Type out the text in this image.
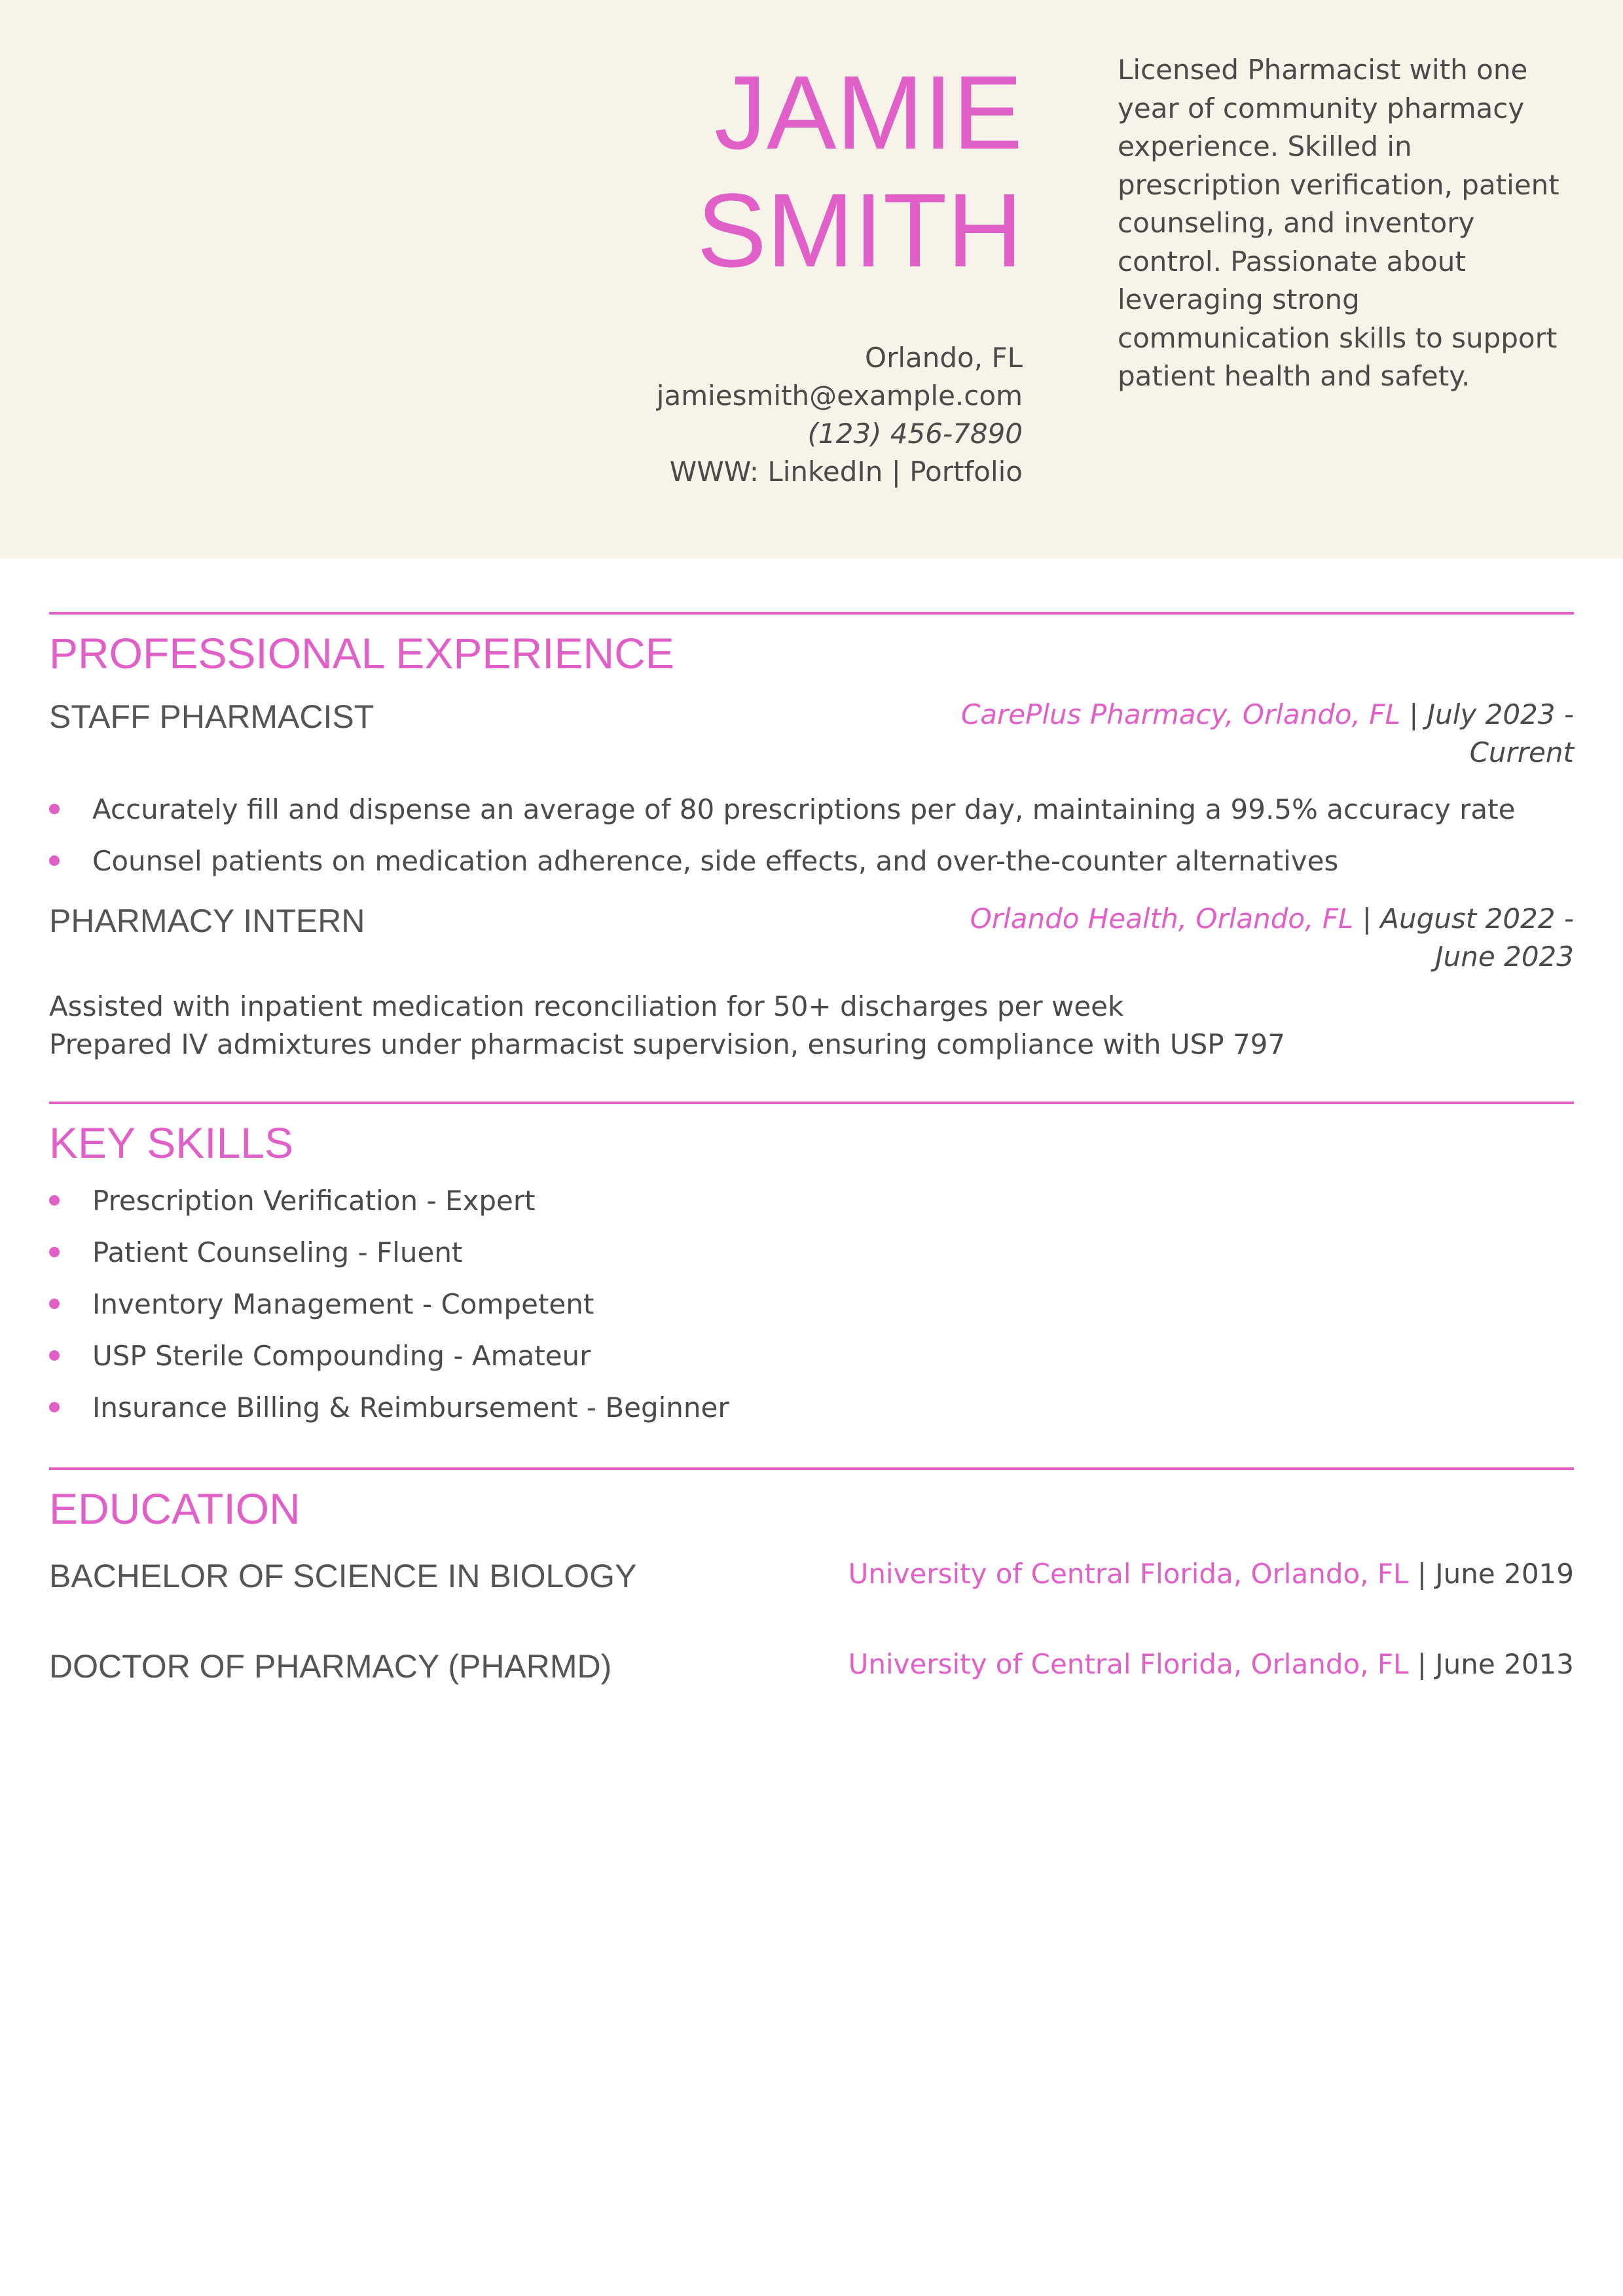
JAMIE
SMITH
Orlando, FL
jamiesmith@example.com
(123) 456-7890
WWW: LinkedIn | Portfolio
Licensed Pharmacist with one year of community pharmacy experience. Skilled in prescription verification, patient counseling, and inventory control. Passionate about leveraging strong communication skills to support patient health and safety.
PROFESSIONAL EXPERIENCE
STAFF PHARMACIST	CarePlus Pharmacy, Orlando, FL | July 2023 - Current
Accurately fill and dispense an average of 80 prescriptions per day, maintaining a 99.5% accuracy rate
Counsel patients on medication adherence, side effects, and over-the-counter alternatives
PHARMACY INTERN	Orlando Health, Orlando, FL | August 2022 - June 2023
Assisted with inpatient medication reconciliation for 50+ discharges per week
Prepared IV admixtures under pharmacist supervision, ensuring compliance with USP 797
KEY SKILLS
Prescription Verification - Expert
Patient Counseling - Fluent
Inventory Management - Competent
USP Sterile Compounding - Amateur
Insurance Billing & Reimbursement - Beginner
EDUCATION
BACHELOR OF SCIENCE IN BIOLOGY	University of Central Florida, Orlando, FL | June 2019
DOCTOR OF PHARMACY (PHARMD)	University of Central Florida, Orlando, FL | June 2013
